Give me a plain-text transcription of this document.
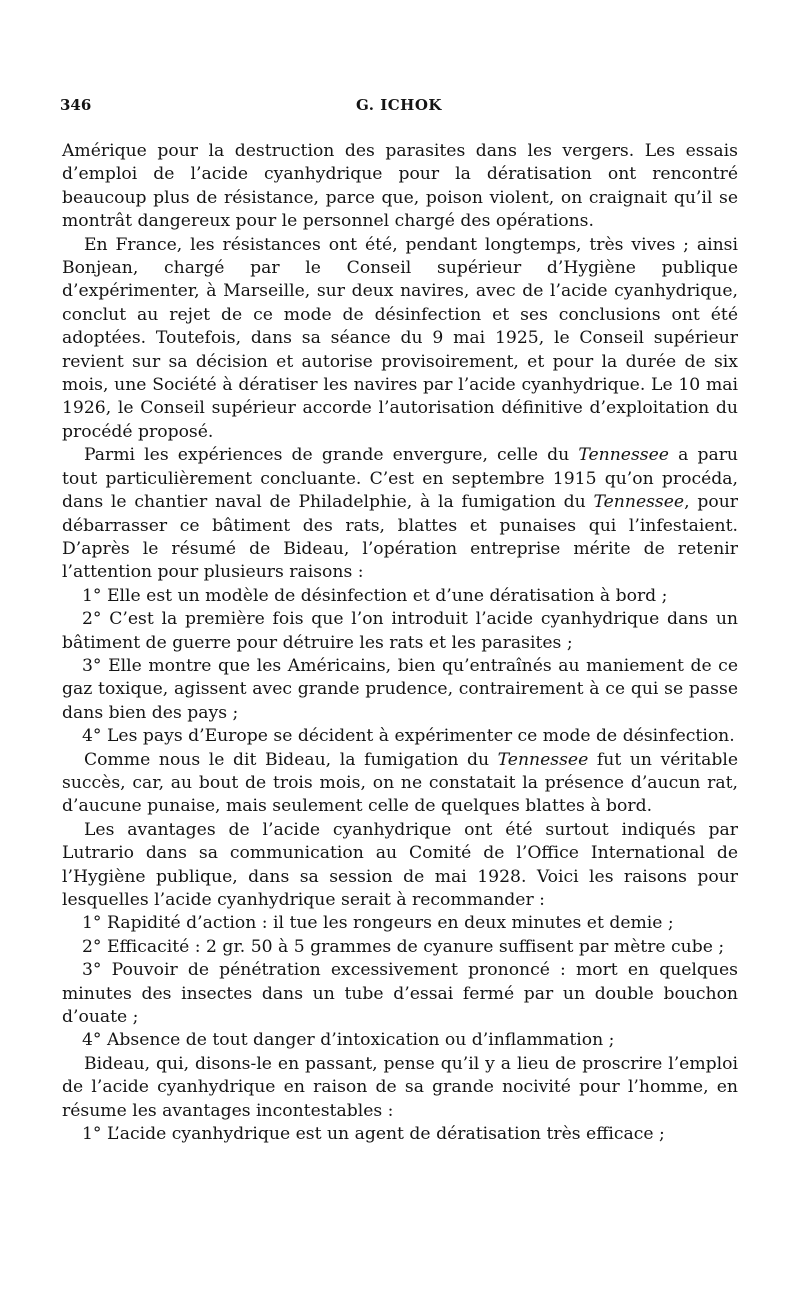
346	G. ICHOK

Amérique pour la destruction des parasites dans les vergers. Les essais d’emploi de l’acide cyanhydrique pour la dératisation ont rencontré beaucoup plus de résistance, parce que, poison violent, on craignait qu’il se montrât dangereux pour le personnel chargé des opérations.

En France, les résistances ont été, pendant longtemps, très vives ; ainsi Bonjean, chargé par le Conseil supérieur d’Hygiène publique d’expérimenter, à Marseille, sur deux navires, avec de l’acide cyanhydrique, conclut au rejet de ce mode de désinfection et ses conclusions ont été adoptées. Toutefois, dans sa séance du 9 mai 1925, le Conseil supérieur revient sur sa décision et autorise provisoirement, et pour la durée de six mois, une Société à dératiser les navires par l’acide cyanhydrique. Le 10 mai 1926, le Conseil supérieur accorde l’autorisation définitive d’exploitation du procédé proposé.

Parmi les expériences de grande envergure, celle du Tennessee a paru tout particulièrement concluante. C’est en septembre 1915 qu’on procéda, dans le chantier naval de Philadelphie, à la fumigation du Tennessee, pour débarrasser ce bâtiment des rats, blattes et punaises qui l’infestaient. D’après le résumé de Bideau, l’opération entreprise mérite de retenir l’attention pour plusieurs raisons :

1° Elle est un modèle de désinfection et d’une dératisation à bord ;

2° C’est la première fois que l’on introduit l’acide cyanhydrique dans un bâtiment de guerre pour détruire les rats et les parasites ;

3° Elle montre que les Américains, bien qu’entraînés au maniement de ce gaz toxique, agissent avec grande prudence, contrairement à ce qui se passe dans bien des pays ;

4° Les pays d’Europe se décident à expérimenter ce mode de désinfection.

Comme nous le dit Bideau, la fumigation du Tennessee fut un véritable succès, car, au bout de trois mois, on ne constatait la présence d’aucun rat, d’aucune punaise, mais seulement celle de quelques blattes à bord.

Les avantages de l’acide cyanhydrique ont été surtout indiqués par Lutrario dans sa communication au Comité de l’Office International de l’Hygiène publique, dans sa session de mai 1928. Voici les raisons pour lesquelles l’acide cyanhydrique serait à recommander :

1° Rapidité d’action : il tue les rongeurs en deux minutes et demie ;

2° Efficacité : 2 gr. 50 à 5 grammes de cyanure suffisent par mètre cube ;

3° Pouvoir de pénétration excessivement prononcé : mort en quelques minutes des insectes dans un tube d’essai fermé par un double bouchon d’ouate ;

4° Absence de tout danger d’intoxication ou d’inflammation ;

Bideau, qui, disons-le en passant, pense qu’il y a lieu de proscrire l’emploi de l’acide cyanhydrique en raison de sa grande nocivité pour l’homme, en résume les avantages incontestables :

1° L’acide cyanhydrique est un agent de dératisation très efficace ;
